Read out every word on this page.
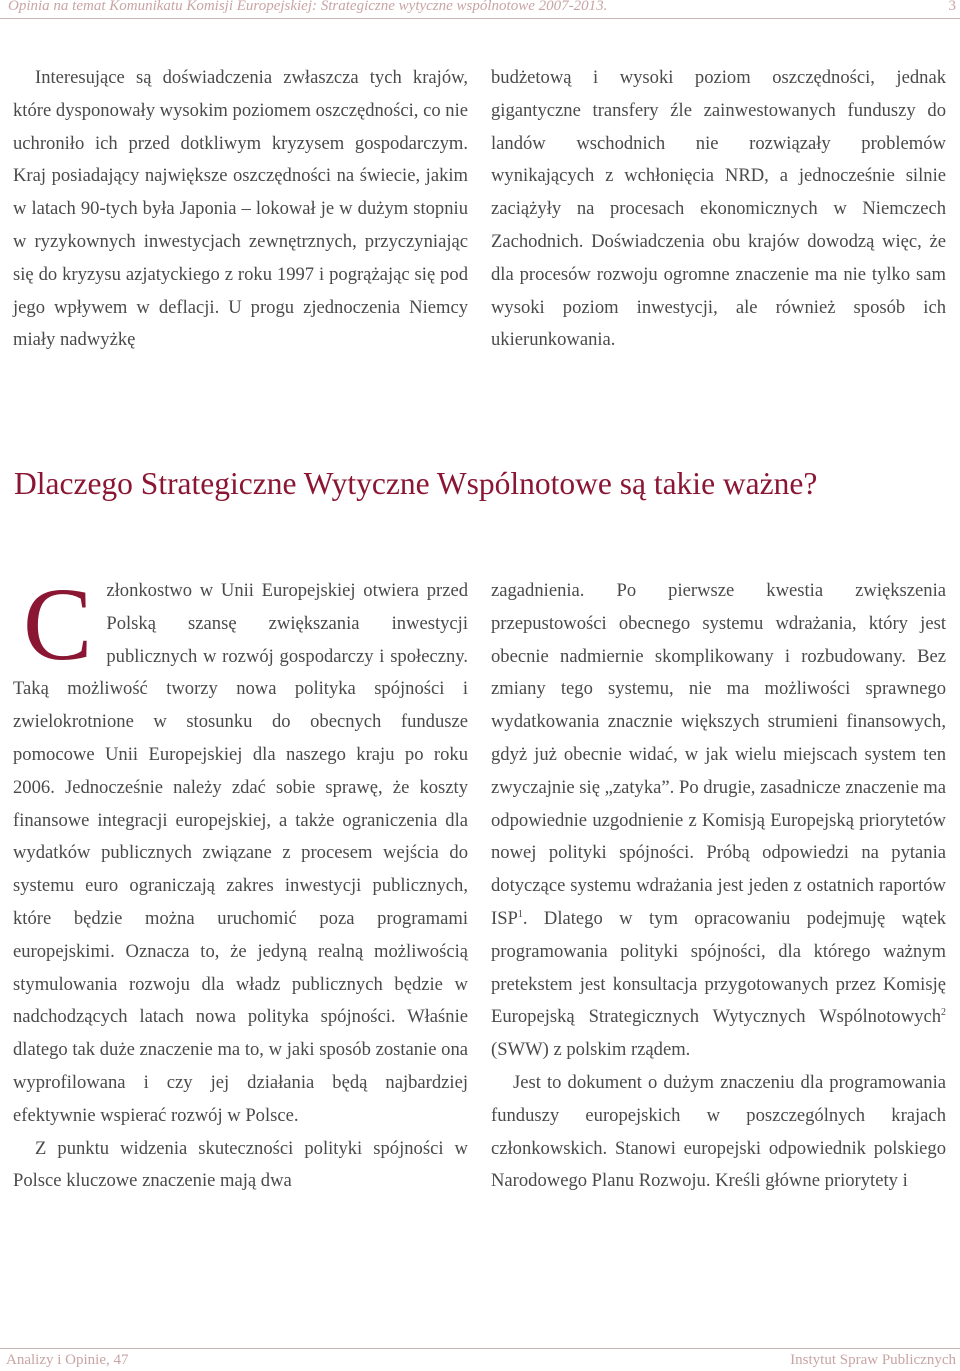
Opinia na temat Komunikatu Komisji Europejskiej: Strategiczne wytyczne wspólnotowe 2007-2013.	3

Interesujące są doświadczenia zwłaszcza tych krajów, które dysponowały wysokim poziomem oszczędności, co nie uchroniło ich przed dotkliwym kryzysem gospodarczym. Kraj posiadający największe oszczędności na świecie, jakim w latach 90-tych była Japonia – lokował je w dużym stopniu w ryzykownych inwestycjach zewnętrznych, przyczyniając się do kryzysu azjatyckiego z roku 1997 i pogrążając się pod jego wpływem w deflacji. U progu zjednoczenia Niemcy miały nadwyżkę

budżetową i wysoki poziom oszczędności, jednak gigantyczne transfery źle zainwestowanych funduszy do landów wschodnich nie rozwiązały problemów wynikających z wchłonięcia NRD, a jednocześnie silnie zaciążyły na procesach ekonomicznych w Niemczech Zachodnich. Doświadczenia obu krajów dowodzą więc, że dla procesów rozwoju ogromne znaczenie ma nie tylko sam wysoki poziom inwestycji, ale również sposób ich ukierunkowania.

Dlaczego Strategiczne Wytyczne Wspólnotowe są takie ważne?

Członkostwo w Unii Europejskiej otwiera przed Polską szansę zwiększania inwestycji publicznych w rozwój gospodarczy i społeczny. Taką możliwość tworzy nowa polityka spójności i zwielokrotnione w stosunku do obecnych fundusze pomocowe Unii Europejskiej dla naszego kraju po roku 2006. Jednocześnie należy zdać sobie sprawę, że koszty finansowe integracji europejskiej, a także ograniczenia dla wydatków publicznych związane z procesem wejścia do systemu euro ograniczają zakres inwestycji publicznych, które będzie można uruchomić poza programami europejskimi. Oznacza to, że jedyną realną możliwością stymulowania rozwoju dla władz publicznych będzie w nadchodzących latach nowa polityka spójności. Właśnie dlatego tak duże znaczenie ma to, w jaki sposób zostanie ona wyprofilowana i czy jej działania będą najbardziej efektywnie wspierać rozwój w Polsce.

Z punktu widzenia skuteczności polityki spójności w Polsce kluczowe znaczenie mają dwa

zagadnienia. Po pierwsze kwestia zwiększenia przepustowości obecnego systemu wdrażania, który jest obecnie nadmiernie skomplikowany i rozbudowany. Bez zmiany tego systemu, nie ma możliwości sprawnego wydatkowania znacznie większych strumieni finansowych, gdyż już obecnie widać, w jak wielu miejscach system ten zwyczajnie się „zatyka”. Po drugie, zasadnicze znaczenie ma odpowiednie uzgodnienie z Komisją Europejską priorytetów nowej polityki spójności. Próbą odpowiedzi na pytania dotyczące systemu wdrażania jest jeden z ostatnich raportów ISP$^1$. Dlatego w tym opracowaniu podejmuję wątek programowania polityki spójności, dla którego ważnym pretekstem jest konsultacja przygotowanych przez Komisję Europejską Strategicznych Wytycznych Wspólnotowych$^2$ (SWW) z polskim rządem.

Jest to dokument o dużym znaczeniu dla programowania funduszy europejskich w poszczególnych krajach członkowskich. Stanowi europejski odpowiednik polskiego Narodowego Planu Rozwoju. Kreśli główne priorytety i

Analizy i Opinie, 47	Instytut Spraw Publicznych
